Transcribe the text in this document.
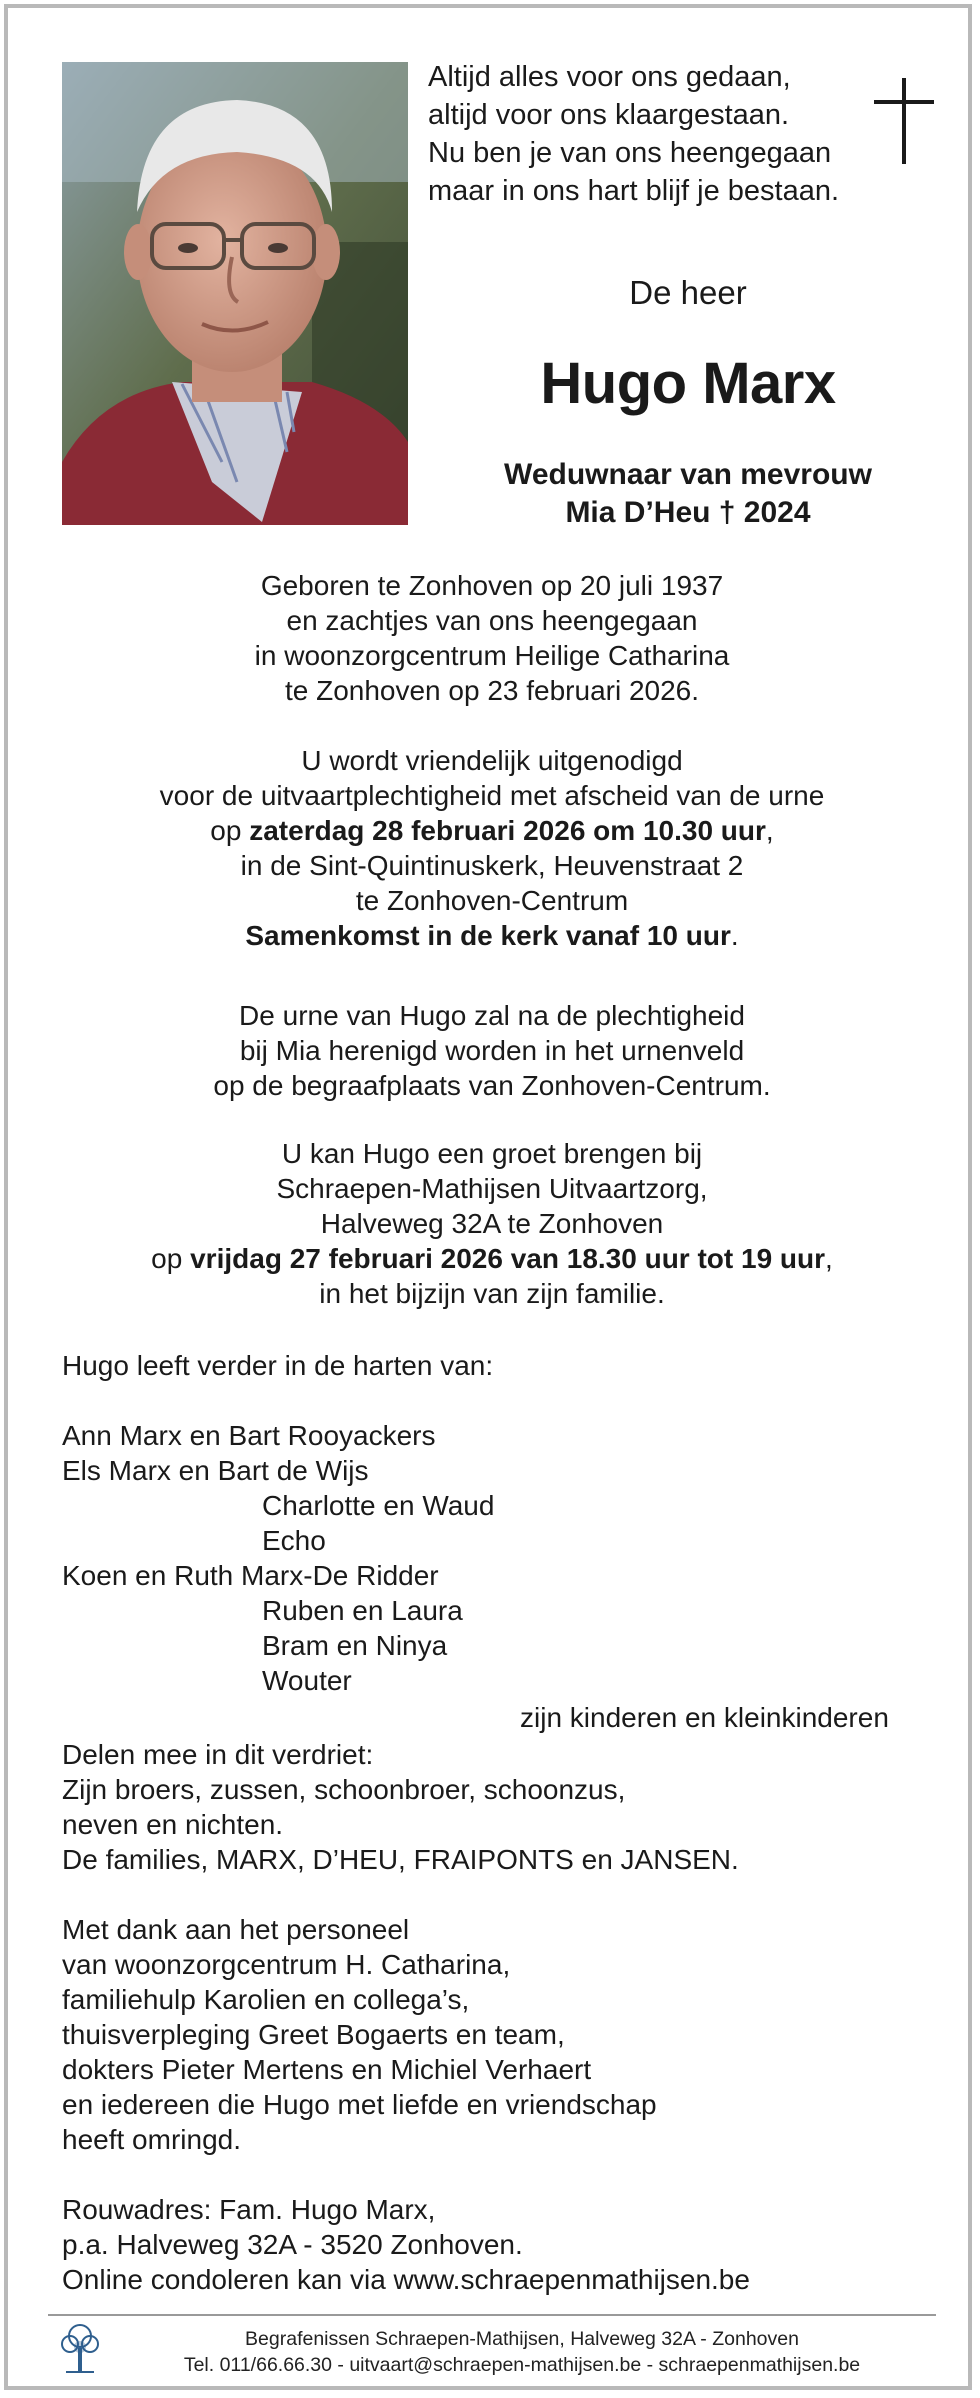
Altijd alles voor ons gedaan,
altijd voor ons klaargestaan.
Nu ben je van ons heengegaan
maar in ons hart blijf je bestaan.
De heer
Hugo Marx
Weduwnaar van mevrouw
Mia D’Heu † 2024
Geboren te Zonhoven op 20 juli 1937
en zachtjes van ons heengegaan
in woonzorgcentrum Heilige Catharina
te Zonhoven op 23 februari 2026.
U wordt vriendelijk uitgenodigd
voor de uitvaartplechtigheid met afscheid van de urne
op zaterdag 28 februari 2026 om 10.30 uur,
in de Sint-Quintinuskerk, Heuvenstraat 2
te Zonhoven-Centrum
Samenkomst in de kerk vanaf 10 uur.
De urne van Hugo zal na de plechtigheid
bij Mia herenigd worden in het urnenveld
op de begraafplaats van Zonhoven-Centrum.
U kan Hugo een groet brengen bij
Schraepen-Mathijsen Uitvaartzorg,
Halveweg 32A te Zonhoven
op vrijdag 27 februari 2026 van 18.30 uur tot 19 uur,
in het bijzijn van zijn familie.
Hugo leeft verder in de harten van:
Ann Marx en Bart Rooyackers
Els Marx en Bart de Wijs
Charlotte en Waud
Echo
Koen en Ruth Marx-De Ridder
Ruben en Laura
Bram en Ninya
Wouter
zijn kinderen en kleinkinderen
Delen mee in dit verdriet:
Zijn broers, zussen, schoonbroer, schoonzus,
neven en nichten.
De families, MARX, D’HEU, FRAIPONTS en JANSEN.
Met dank aan het personeel
van woonzorgcentrum H. Catharina,
familiehulp Karolien en collega’s,
thuisverpleging Greet Bogaerts en team,
dokters Pieter Mertens en Michiel Verhaert
en iedereen die Hugo met liefde en vriendschap
heeft omringd.
Rouwadres: Fam. Hugo Marx,
p.a. Halveweg 32A - 3520 Zonhoven.
Online condoleren kan via www.schraepenmathijsen.be
Begrafenissen Schraepen-Mathijsen, Halveweg 32A - Zonhoven
Tel. 011/66.66.30 - uitvaart@schraepen-mathijsen.be - schraepenmathijsen.be
